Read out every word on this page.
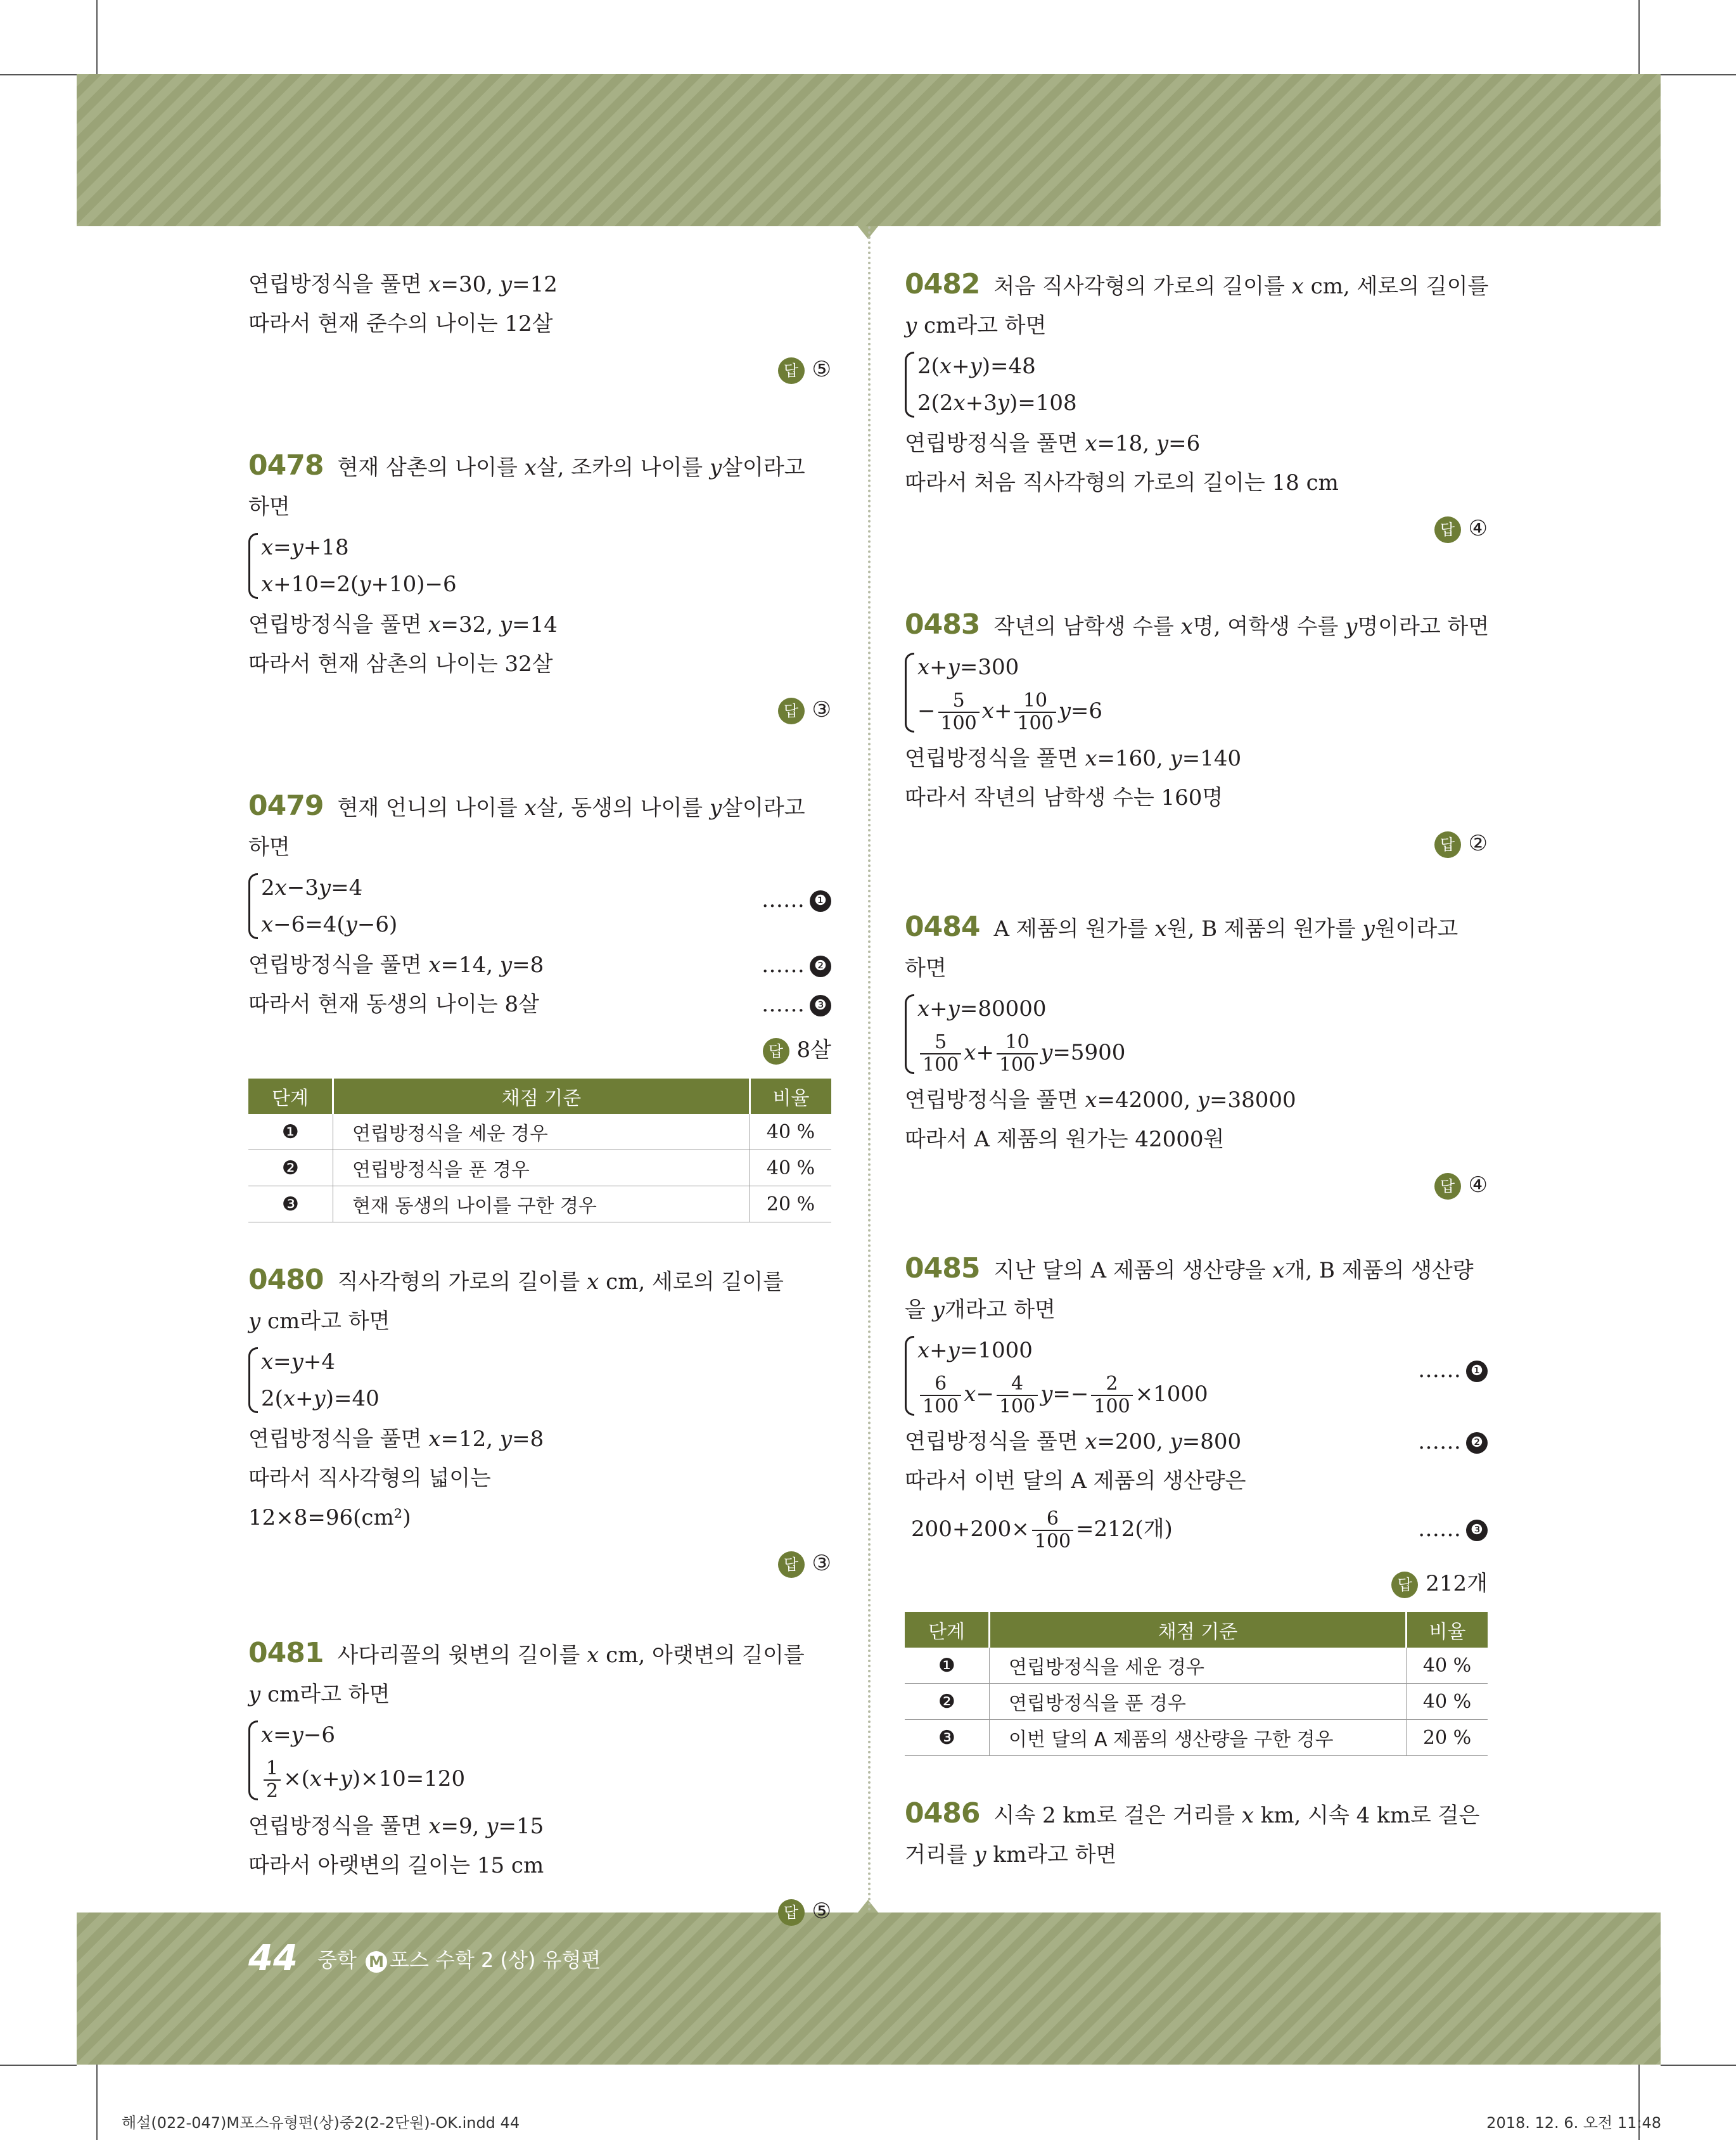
연립방정식을 풀면 𝑥=30, 𝑦=12
따라서 현재 준수의 나이는 12살
답 ⑤
0478 현재 삼촌의 나이를 𝑥살, 조카의 나이를 𝑦살이라고
하면
𝑥=𝑦+18
𝑥+10=2(𝑦+10)−6
연립방정식을 풀면 𝑥=32, 𝑦=14
따라서 현재 삼촌의 나이는 32살
답 ③
0479 현재 언니의 나이를 𝑥살, 동생의 나이를 𝑦살이라고
하면
2𝑥−3𝑦=4
𝑥−6=4(𝑦−6)
…… ❶
연립방정식을 풀면 𝑥=14, 𝑦=8	…… ❷
따라서 현재 동생의 나이는 8살	…… ❸
답 8살
단계	채점 기준	비율
❶	연립방정식을 세운 경우	40 %
❷	연립방정식을 푼 경우	40 %
❸	현재 동생의 나이를 구한 경우	20 %
0480 직사각형의 가로의 길이를 𝑥 cm, 세로의 길이를
𝑦 cm라고 하면
𝑥=𝑦+4
2(𝑥+𝑦)=40
연립방정식을 풀면 𝑥=12, 𝑦=8
따라서 직사각형의 넓이는
12×8=96(cm²)
답 ③
0481 사다리꼴의 윗변의 길이를 𝑥 cm, 아랫변의 길이를
𝑦 cm라고 하면
𝑥=𝑦−6
$\frac{1}{2}$ ×(𝑥+𝑦)×10=120
연립방정식을 풀면 𝑥=9, 𝑦=15
따라서 아랫변의 길이는 15 cm
답 ⑤
0482 처음 직사각형의 가로의 길이를 𝑥 cm, 세로의 길이를
𝑦 cm라고 하면
2(𝑥+𝑦)=48
2(2𝑥+3𝑦)=108
연립방정식을 풀면 𝑥=18, 𝑦=6
따라서 처음 직사각형의 가로의 길이는 18 cm
답 ④
0483 작년의 남학생 수를 𝑥명, 여학생 수를 𝑦명이라고 하면
𝑥+𝑦=300
− $\frac{5}{100}$ 𝑥+ $\frac{10}{100}$ 𝑦=6
연립방정식을 풀면 𝑥=160, 𝑦=140
따라서 작년의 남학생 수는 160명
답 ②
0484 A 제품의 원가를 𝑥원, B 제품의 원가를 𝑦원이라고
하면
𝑥+𝑦=80000
$\frac{5}{100}$ 𝑥+ $\frac{10}{100}$ 𝑦=5900
연립방정식을 풀면 𝑥=42000, 𝑦=38000
따라서 A 제품의 원가는 42000원
답 ④
0485 지난 달의 A 제품의 생산량을 𝑥개, B 제품의 생산량
을 𝑦개라고 하면
𝑥+𝑦=1000
$\frac{6}{100}$ 𝑥− $\frac{4}{100}$ 𝑦=− $\frac{2}{100} \times 1000$
…… ❶
연립방정식을 풀면 𝑥=200, 𝑦=800	…… ❷
따라서 이번 달의 A 제품의 생산량은
$200+200\times \frac{6}{100} =212$(개)	…… ❸
답 212개
단계	채점 기준	비율
❶	연립방정식을 세운 경우	40 %
❷	연립방정식을 푼 경우	40 %
❸	이번 달의 A 제품의 생산량을 구한 경우	20 %
0486 시속 2 km로 걸은 거리를 𝑥 km, 시속 4 km로 걸은
거리를 𝑦 km라고 하면
44 중학 M 포스 수학 2 (상) 유형편
해설(022-047)M포스유형편(상)중2(2-2단원)-OK.indd 44	2018. 12. 6. 오전 11:48
